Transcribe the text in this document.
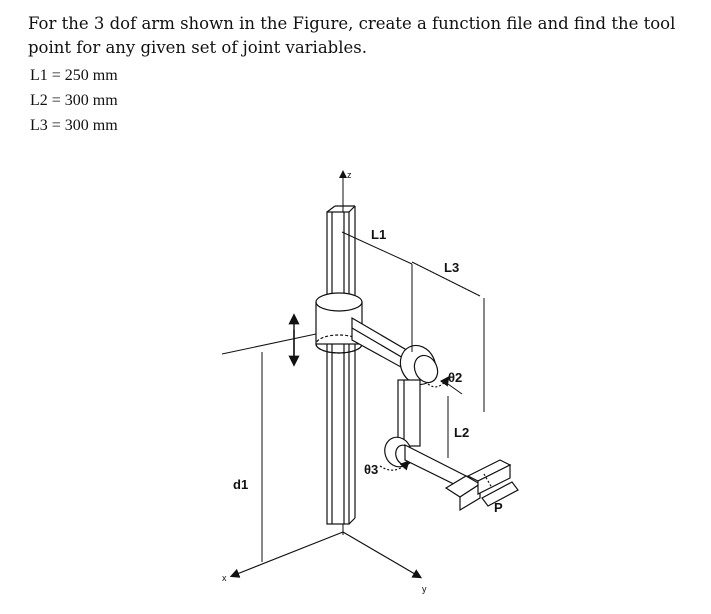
For the 3 dof arm shown in the Figure, create a function file and find the tool point for any given set of joint variables.

L1 = 250 mm
L2 = 300 mm
L3 = 300 mm
z
x
y
L1
L3
θ2
L2
θ3
d1
P
